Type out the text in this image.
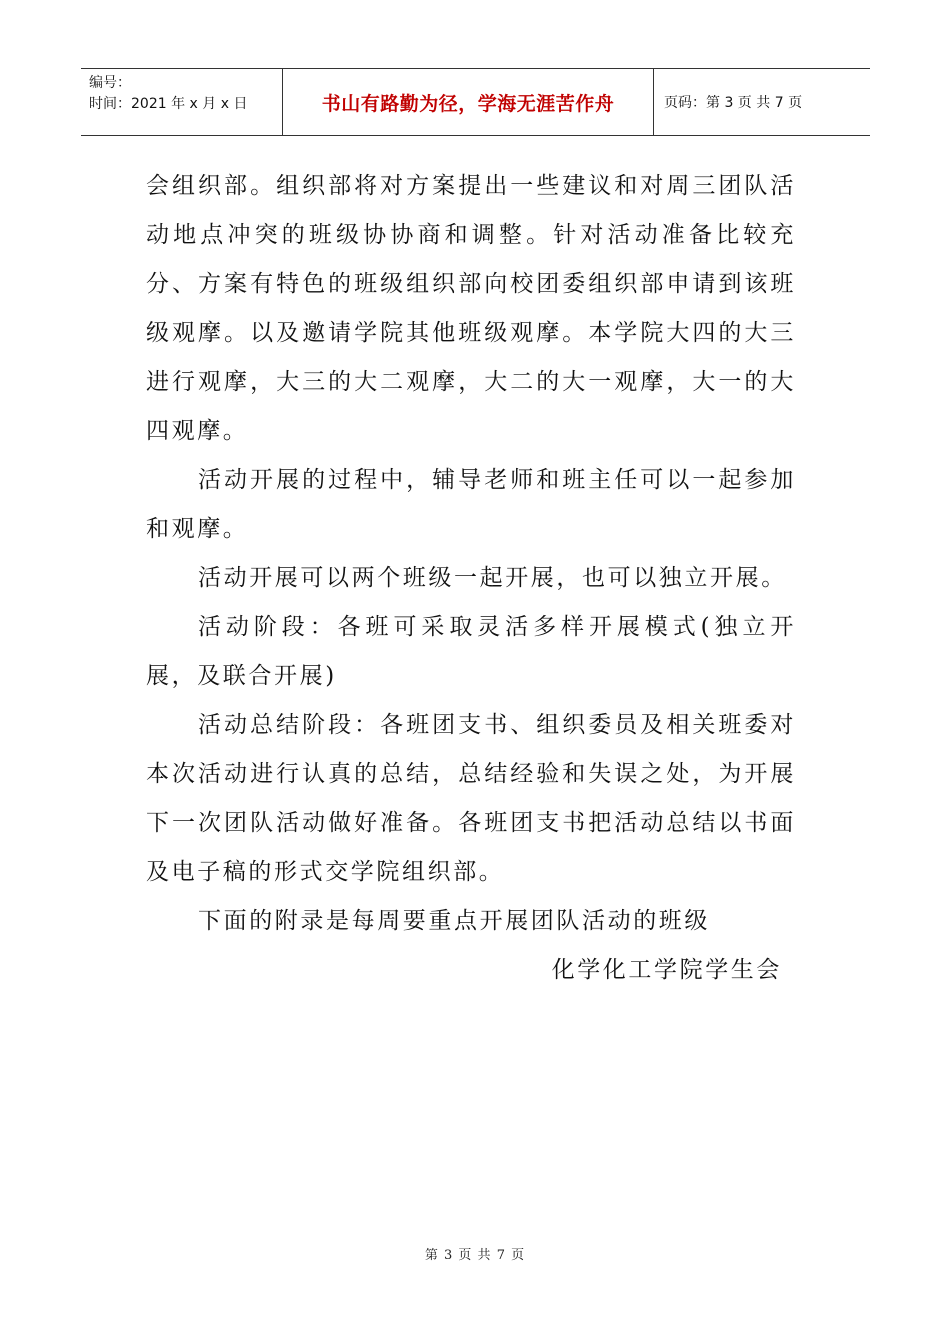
编号：
时间：2021 年 x 月 x 日	书山有路勤为径，学海无涯苦作舟	页码：第 3 页 共 7 页

会组织部。组织部将对方案提出一些建议和对周三团队活动地点冲突的班级协协商和调整。针对活动准备比较充分、方案有特色的班级组织部向校团委组织部申请到该班级观摩。以及邀请学院其他班级观摩。本学院大四的大三进行观摩，大三的大二观摩，大二的大一观摩，大一的大四观摩。

活动开展的过程中，辅导老师和班主任可以一起参加和观摩。

活动开展可以两个班级一起开展，也可以独立开展。

活动阶段：各班可采取灵活多样开展模式(独立开展，及联合开展)

活动总结阶段：各班团支书、组织委员及相关班委对本次活动进行认真的总结，总结经验和失误之处，为开展下一次团队活动做好准备。各班团支书把活动总结以书面及电子稿的形式交学院组织部。

下面的附录是每周要重点开展团队活动的班级

化学化工学院学生会

第 3 页 共 7 页
